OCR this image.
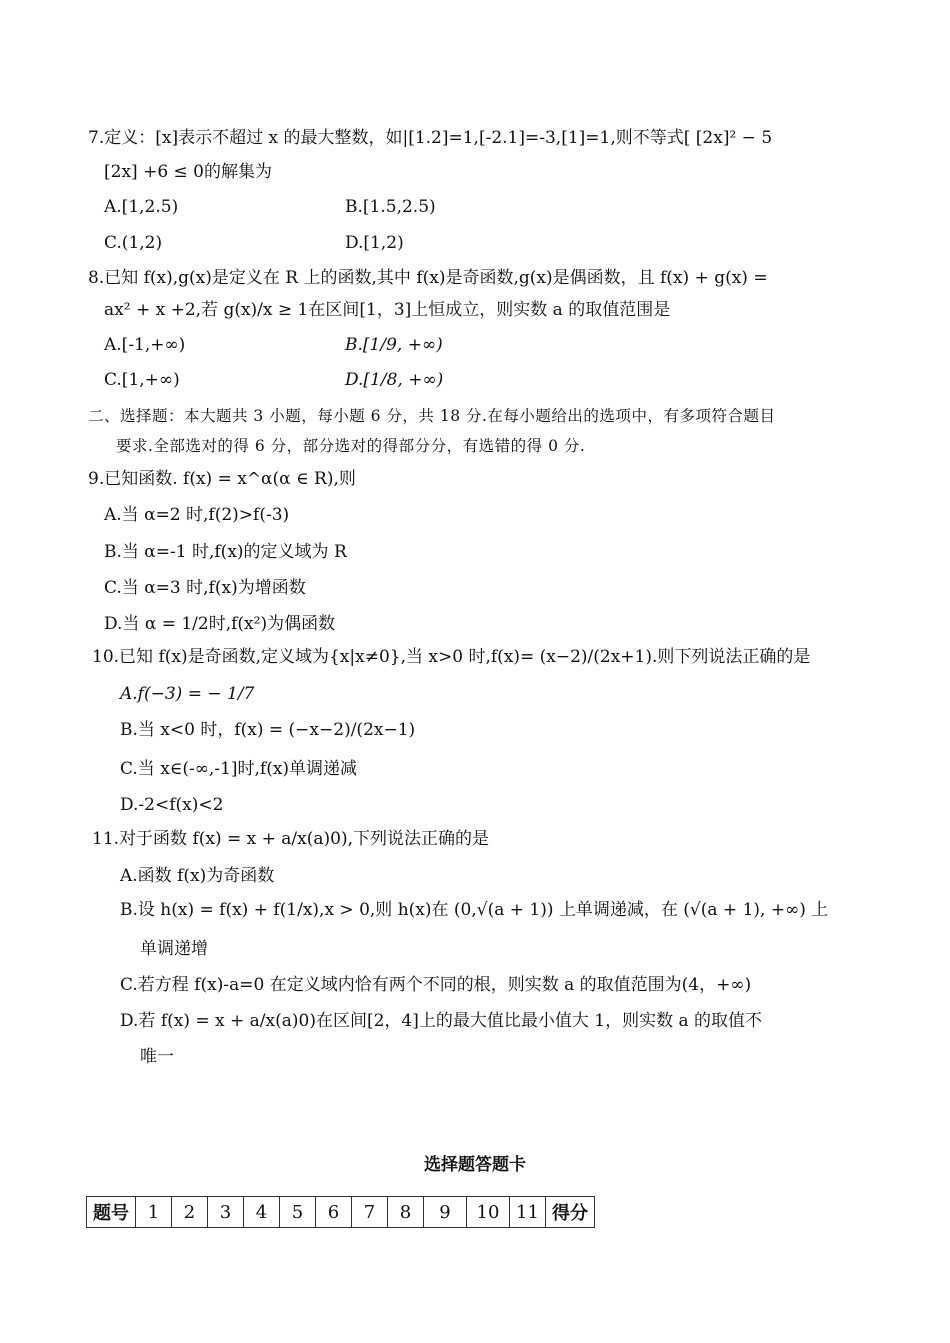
7.定义：[x]表示不超过 x 的最大整数，如|[1.2]=1,[-2.1]=-3,[1]=1,则不等式[ [2x]² − 5
[2x] +6 ≤ 0的解集为
A.[1,2.5)	B.[1.5,2.5)
C.(1,2)	D.[1,2)
8.已知 f(x),g(x)是定义在 R 上的函数,其中 f(x)是奇函数,g(x)是偶函数，且 f(x) + g(x) =
ax² + x +2,若 g(x)/x ≥ 1在区间[1，3]上恒成立，则实数 a 的取值范围是
A.[-1,+∞)	B.[1/9, +∞)
C.[1,+∞)	D.[1/8, +∞)
二、选择题：本大题共 3 小题，每小题 6 分，共 18 分.在每小题给出的选项中，有多项符合题目
要求.全部选对的得 6 分，部分选对的得部分分，有选错的得 0 分.
9.已知函数. f(x) = x^α(α ∈ R),则
A.当 α=2 时,f(2)>f(-3)
B.当 α=-1 时,f(x)的定义域为 R
C.当 α=3 时,f(x)为增函数
D.当 α = 1/2时,f(x²)为偶函数
10.已知 f(x)是奇函数,定义域为{x|x≠0},当 x>0 时,f(x)= (x−2)/(2x+1).则下列说法正确的是
A.f(−3) = − 1/7
B.当 x<0 时，f(x) = (−x−2)/(2x−1)
C.当 x∈(-∞,-1]时,f(x)单调递减
D.-2<f(x)<2
11.对于函数 f(x) = x + a/x(a)0),下列说法正确的是
A.函数 f(x)为奇函数
B.设 h(x) = f(x) + f(1/x),x > 0,则 h(x)在 (0,√(a + 1)) 上单调递减，在 (√(a + 1), +∞) 上
单调递增
C.若方程 f(x)-a=0 在定义域内恰有两个不同的根，则实数 a 的取值范围为(4，+∞)
D.若 f(x) = x + a/x(a)0)在区间[2，4]上的最大值比最小值大 1，则实数 a 的取值不
唯一
选择题答题卡
题号	1	2	3	4	5	6	7	8	9	10	11	得分
